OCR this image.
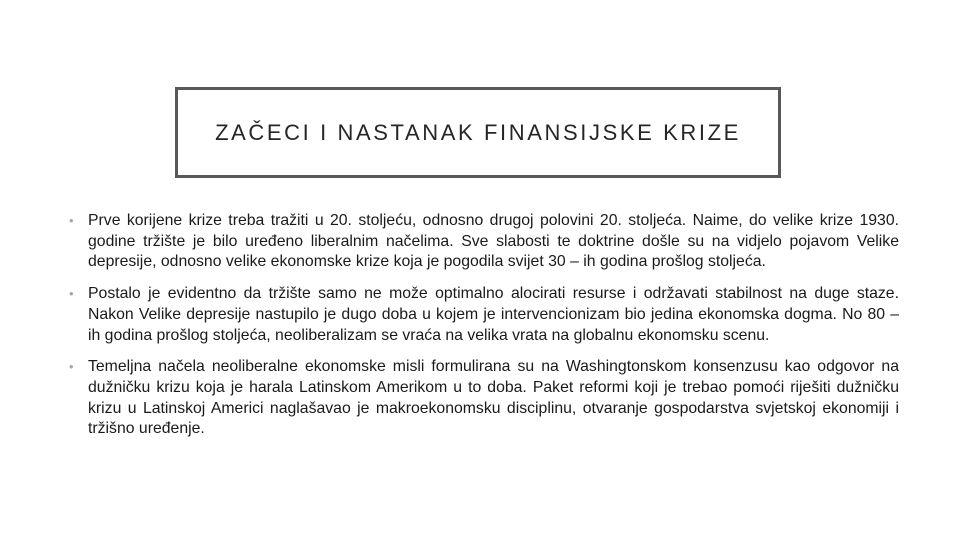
ZAČECI I NASTANAK FINANSIJSKE KRIZE
• Prve korijene krize treba tražiti u 20. stoljeću, odnosno drugoj polovini 20. stoljeća. Naime, do velike krize 1930. godine tržište je bilo uređeno liberalnim načelima. Sve slabosti te doktrine došle su na vidjelo pojavom Velike depresije, odnosno velike ekonomske krize koja je pogodila svijet 30 – ih godina prošlog stoljeća.
• Postalo je evidentno da tržište samo ne može optimalno alocirati resurse i održavati stabilnost na duge staze. Nakon Velike depresije nastupilo je dugo doba u kojem je intervencionizam bio jedina ekonomska dogma. No 80 – ih godina prošlog stoljeća, neoliberalizam se vraća na velika vrata na globalnu ekonomsku scenu.
• Temeljna načela neoliberalne ekonomske misli formulirana su na Washingtonskom konsenzusu kao odgovor na dužničku krizu koja je harala Latinskom Amerikom u to doba. Paket reformi koji je trebao pomoći riješiti dužničku krizu u Latinskoj Americi naglašavao je makroekonomsku disciplinu, otvaranje gospodarstva svjetskoj ekonomiji i tržišno uređenje.
